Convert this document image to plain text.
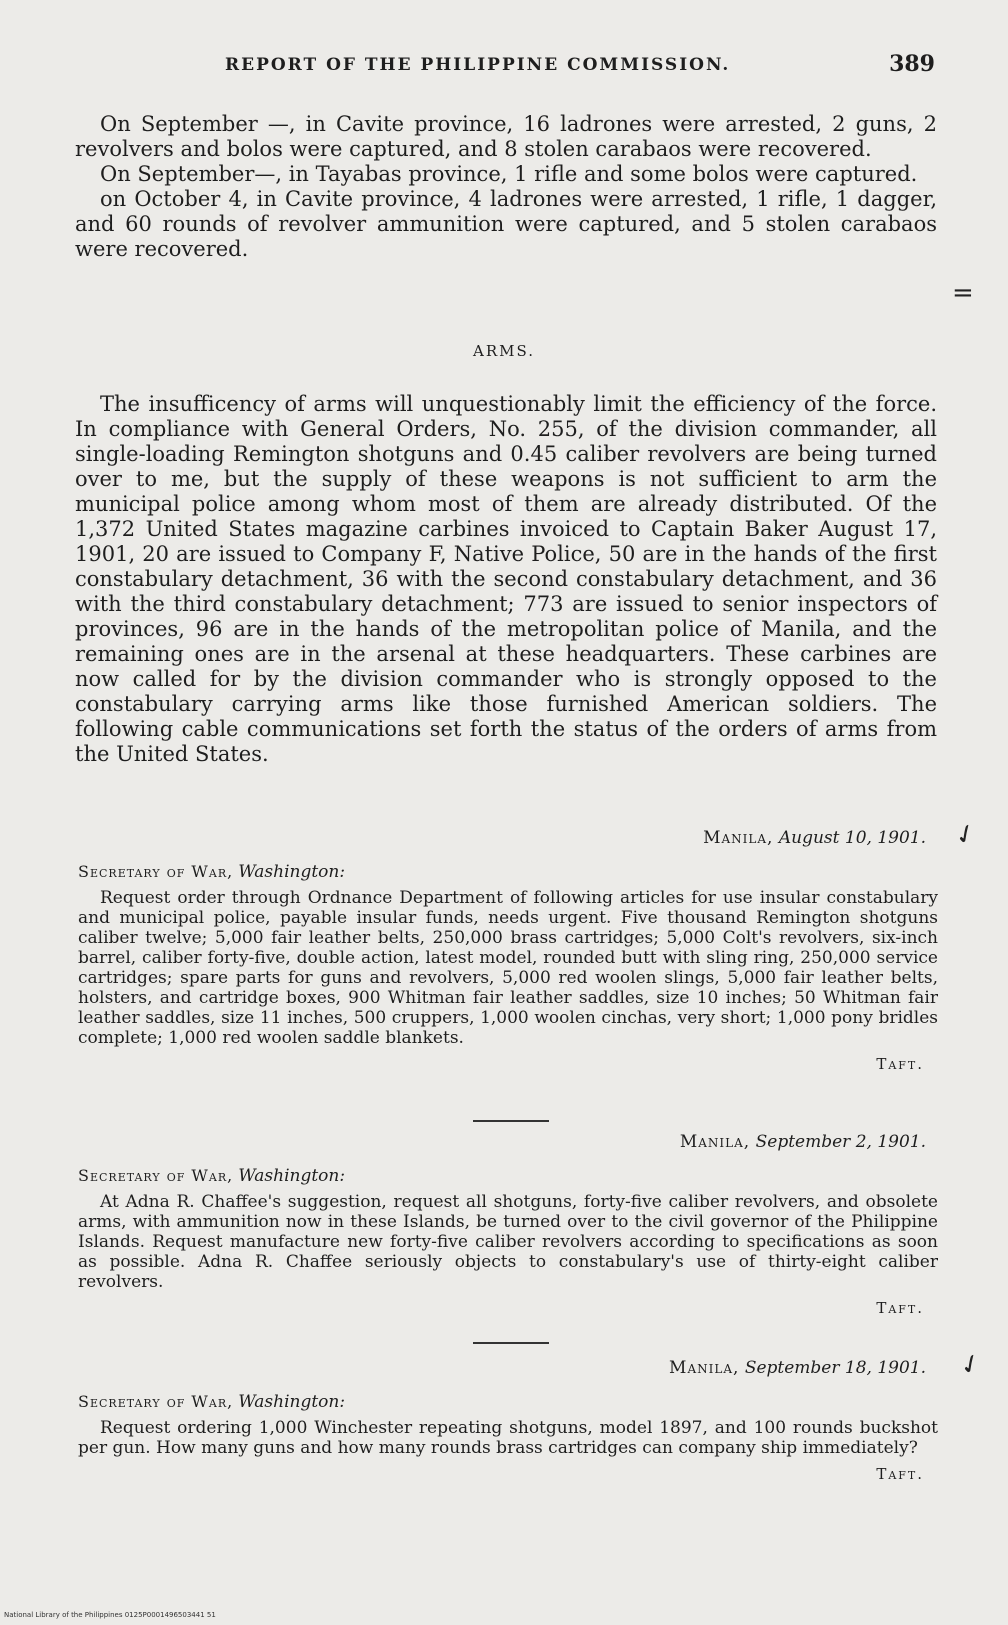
REPORT OF THE PHILIPPINE COMMISSION.	389

On September —, in Cavite province, 16 ladrones were arrested, 2 guns, 2 revolvers and bolos were captured, and 8 stolen carabaos were recovered.

On September—, in Tayabas province, 1 rifle and some bolos were captured.

on October 4, in Cavite province, 4 ladrones were arrested, 1 rifle, 1 dagger, and 60 rounds of revolver ammunition were captured, and 5 stolen carabaos were recovered.

ARMS.

The insufficency of arms will unquestionably limit the efficiency of the force. In compliance with General Orders, No. 255, of the division commander, all single-loading Remington shotguns and 0.45 caliber revolvers are being turned over to me, but the supply of these weapons is not sufficient to arm the municipal police among whom most of them are already distributed. Of the 1,372 United States magazine carbines invoiced to Captain Baker August 17, 1901, 20 are issued to Company F, Native Police, 50 are in the hands of the first constabulary detachment, 36 with the second constabulary detachment, and 36 with the third constabulary detachment; 773 are issued to senior inspectors of provinces, 96 are in the hands of the metropolitan police of Manila, and the remaining ones are in the arsenal at these headquarters. These carbines are now called for by the division commander who is strongly opposed to the constabulary carrying arms like those furnished American soldiers. The following cable communications set forth the status of the orders of arms from the United States.

Manila, August 10, 1901.
Secretary of War, Washington:

Request order through Ordnance Department of following articles for use insular constabulary and municipal police, payable insular funds, needs urgent. Five thousand Remington shotguns caliber twelve; 5,000 fair leather belts, 250,000 brass cartridges; 5,000 Colt's revolvers, six-inch barrel, caliber forty-five, double action, latest model, rounded butt with sling ring, 250,000 service cartridges; spare parts for guns and revolvers, 5,000 red woolen slings, 5,000 fair leather belts, holsters, and cartridge boxes, 900 Whitman fair leather saddles, size 10 inches; 50 Whitman fair leather saddles, size 11 inches, 500 cruppers, 1,000 woolen cinchas, very short; 1,000 pony bridles complete; 1,000 red woolen saddle blankets.

Taft.
Manila, September 2, 1901.
Secretary of War, Washington:

At Adna R. Chaffee's suggestion, request all shotguns, forty-five caliber revolvers, and obsolete arms, with ammunition now in these Islands, be turned over to the civil governor of the Philippine Islands. Request manufacture new forty-five caliber revolvers according to specifications as soon as possible. Adna R. Chaffee seriously objects to constabulary's use of thirty-eight caliber revolvers.

Taft.
Manila, September 18, 1901.
Secretary of War, Washington:

Request ordering 1,000 Winchester repeating shotguns, model 1897, and 100 rounds buckshot per gun. How many guns and how many rounds brass cartridges can company ship immediately?

Taft.
=
✓
✓
National Library of the Philippines 0125P0001496503441 51
